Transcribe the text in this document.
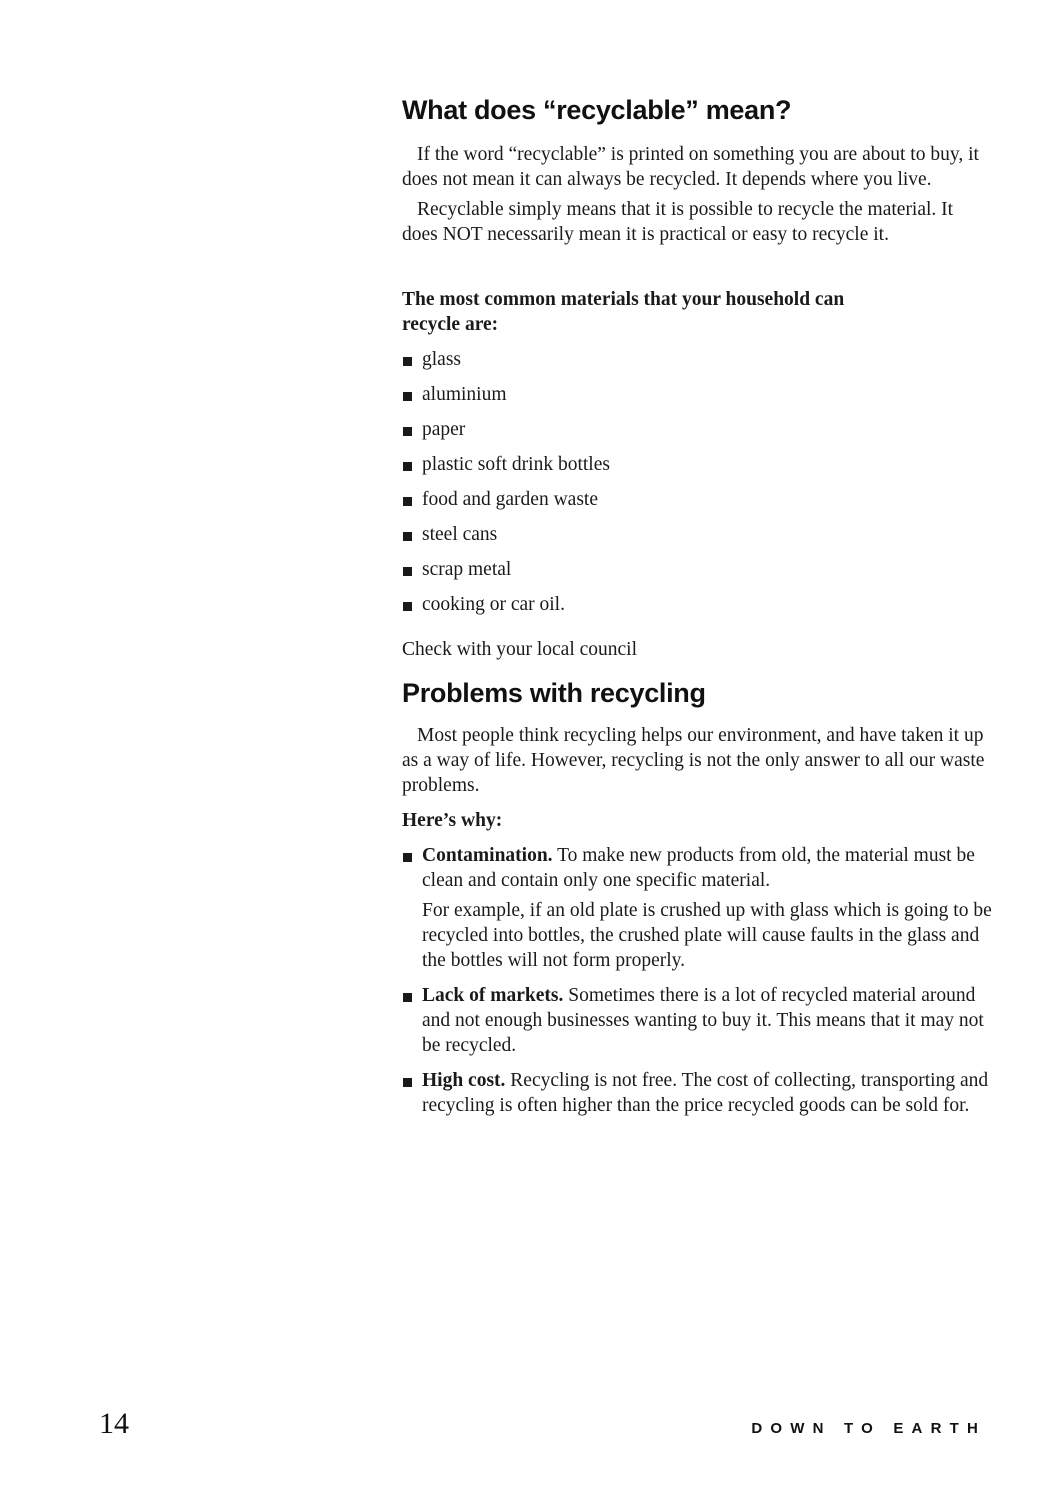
What does “recyclable” mean?

If the word “recyclable” is printed on something you are about to buy, it does not mean it can always be recycled. It depends where you live.

Recyclable simply means that it is possible to recycle the material. It does NOT necessarily mean it is practical or easy to recycle it.

The most common materials that your household can recycle are:

glass
aluminium
paper
plastic soft drink bottles
food and garden waste
steel cans
scrap metal
cooking or car oil.

Check with your local council

Problems with recycling

Most people think recycling helps our environment, and have taken it up as a way of life. However, recycling is not the only answer to all our waste problems.

Here’s why:

Contamination. To make new products from old, the material must be clean and contain only one specific material.

For example, if an old plate is crushed up with glass which is going to be recycled into bottles, the crushed plate will cause faults in the glass and the bottles will not form properly.

Lack of markets. Sometimes there is a lot of recycled material around and not enough businesses wanting to buy it. This means that it may not be recycled.
High cost. Recycling is not free. The cost of collecting, transporting and recycling is often higher than the price recycled goods can be sold for.
14	DOWN TO EARTH
